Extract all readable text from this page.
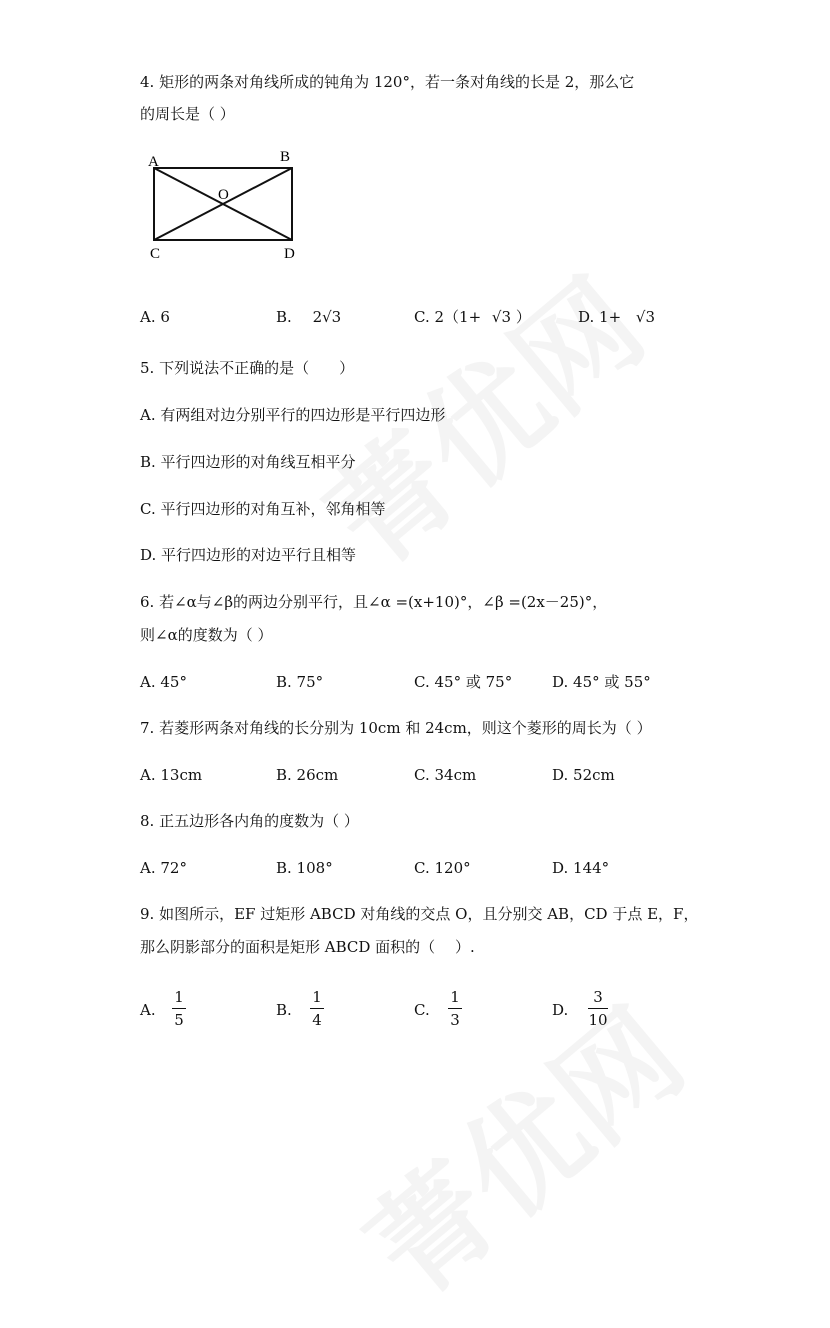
4. 矩形的两条对角线所成的钝角为 120°，若一条对角线的长是 2，那么它
的周长是（ ）
A	B
O
C	D
A. 6	B. 2√3	C. 2（1+ √3 ）	D. 1+ √3
5. 下列说法不正确的是（　　）
A. 有两组对边分别平行的四边形是平行四边形
B. 平行四边形的对角线互相平分
C. 平行四边形的对角互补，邻角相等
D. 平行四边形的对边平行且相等
6. 若∠α与∠β的两边分别平行，且∠α =(x+10)°，∠β =(2x－25)°，
则∠α的度数为（ ）
A. 45°	B. 75°	C. 45° 或 75°	D. 45° 或 55°
7. 若菱形两条对角线的长分别为 10cm 和 24cm，则这个菱形的周长为（ ）
A. 13cm	B. 26cm	C. 34cm	D. 52cm
8. 正五边形各内角的度数为（ ）
A. 72°	B. 108°	C. 120°	D. 144°
9. 如图所示，EF 过矩形 ABCD 对角线的交点 O，且分别交 AB，CD 于点 E，F，
那么阴影部分的面积是矩形 ABCD 面积的（　 ）.
A.
1
5
B.
1
4
C.
1
3
D.
3
10
